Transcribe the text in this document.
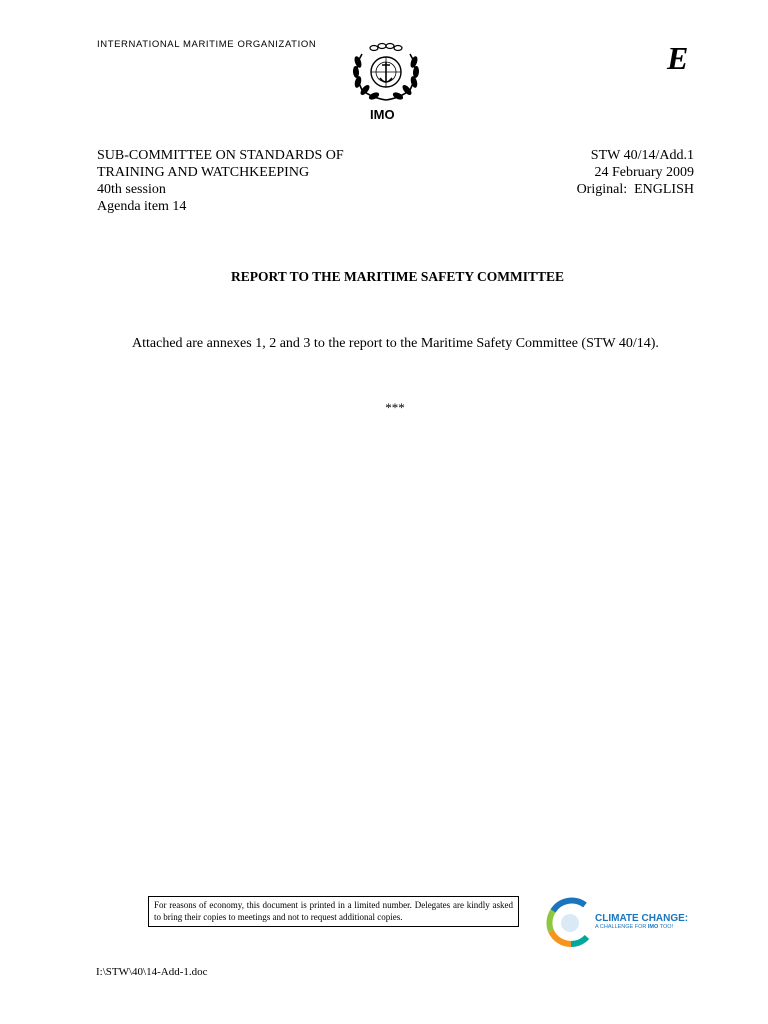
INTERNATIONAL MARITIME ORGANIZATION
IMO
E
SUB-COMMITTEE ON STANDARDS OF
TRAINING AND WATCHKEEPING
40th session
Agenda item 14
STW 40/14/Add.1
24 February 2009
Original:  ENGLISH
REPORT TO THE MARITIME SAFETY COMMITTEE
Attached are annexes 1, 2 and 3 to the report to the Maritime Safety Committee (STW 40/14).
***
For reasons of economy, this document is printed in a limited number. Delegates are kindly asked to bring their copies to meetings and not to request additional copies.	CLIMATE CHANGE:
A CHALLENGE FOR IMO TOO!
I:\STW\40\14-Add-1.doc
